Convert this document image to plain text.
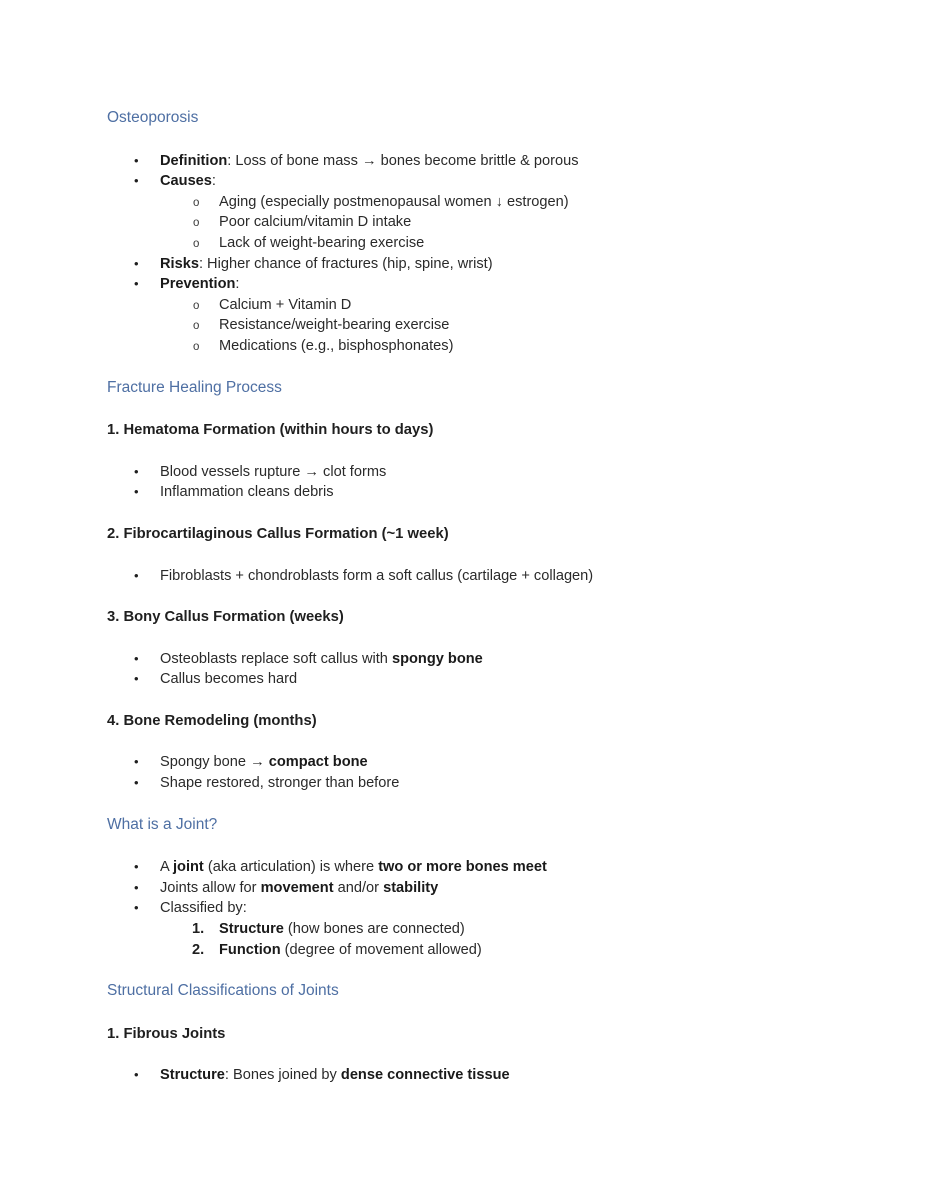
Osteoporosis
• Definition: Loss of bone mass → bones become brittle & porous
• Causes:
o Aging (especially postmenopausal women ↓ estrogen)
o Poor calcium/vitamin D intake
o Lack of weight-bearing exercise
• Risks: Higher chance of fractures (hip, spine, wrist)
• Prevention:
o Calcium + Vitamin D
o Resistance/weight-bearing exercise
o Medications (e.g., bisphosphonates)
Fracture Healing Process
1. Hematoma Formation (within hours to days)
• Blood vessels rupture → clot forms
• Inflammation cleans debris
2. Fibrocartilaginous Callus Formation (~1 week)
• Fibroblasts + chondroblasts form a soft callus (cartilage + collagen)
3. Bony Callus Formation (weeks)
• Osteoblasts replace soft callus with spongy bone
• Callus becomes hard
4. Bone Remodeling (months)
• Spongy bone → compact bone
• Shape restored, stronger than before
What is a Joint?
• A joint (aka articulation) is where two or more bones meet
• Joints allow for movement and/or stability
• Classified by:
1. Structure (how bones are connected)
2. Function (degree of movement allowed)
Structural Classifications of Joints
1. Fibrous Joints
• Structure: Bones joined by dense connective tissue
